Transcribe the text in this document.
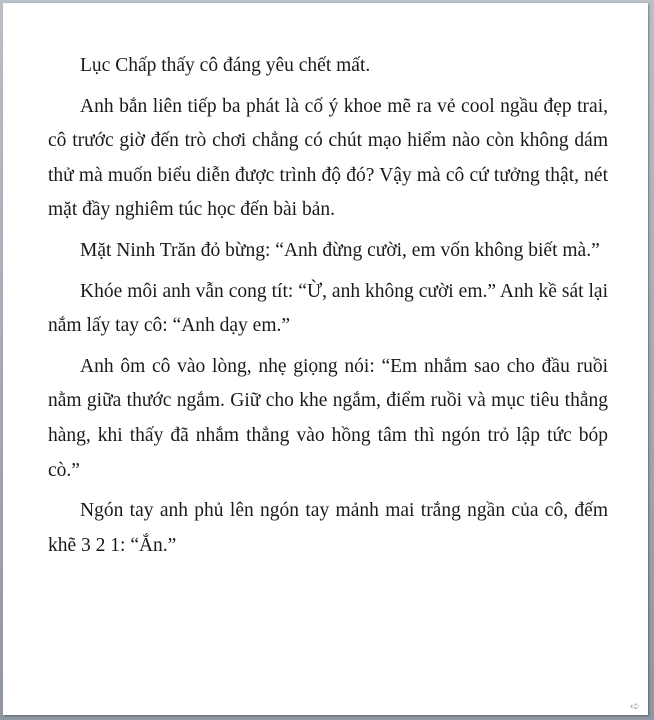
Lục Chấp thấy cô đáng yêu chết mất.

Anh bắn liên tiếp ba phát là cố ý khoe mẽ ra vẻ cool ngầu đẹp trai, cô trước giờ đến trò chơi chẳng có chút mạo hiểm nào còn không dám thử mà muốn biểu diễn được trình độ đó? Vậy mà cô cứ tưởng thật, nét mặt đầy nghiêm túc học đến bài bản.

Mặt Ninh Trăn đỏ bừng: “Anh đừng cười, em vốn không biết mà.”

Khóe môi anh vẫn cong tít: “Ừ, anh không cười em.” Anh kề sát lại nắm lấy tay cô: “Anh dạy em.”

Anh ôm cô vào lòng, nhẹ giọng nói: “Em nhắm sao cho đầu ruồi nằm giữa thước ngắm. Giữ cho khe ngắm, điểm ruồi và mục tiêu thẳng hàng, khi thấy đã nhắm thẳng vào hồng tâm thì ngón trỏ lập tức bóp cò.”

Ngón tay anh phủ lên ngón tay mảnh mai trắng ngần của cô, đếm khẽ 3 2 1: “Ắn.”

➪
